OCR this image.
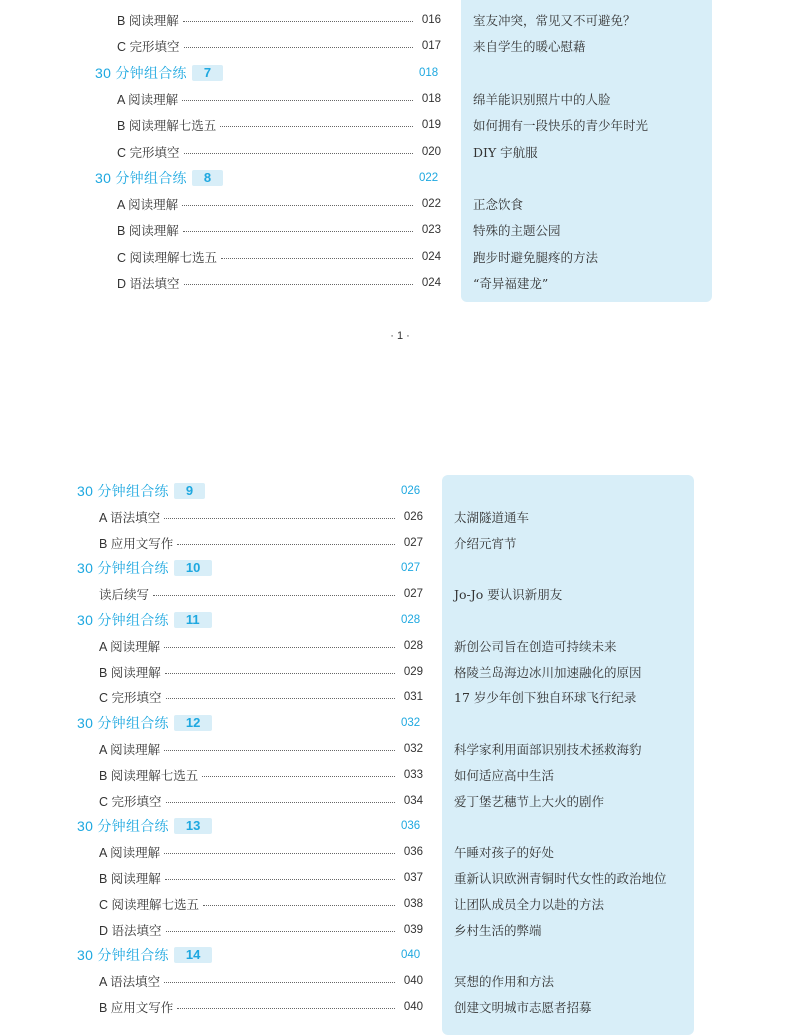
B 阅读理解	016	室友冲突，常见又不可避免？
C 完形填空	017	来自学生的暖心慰藉
30 分钟组合练	7	018
A 阅读理解	018	绵羊能识别照片中的人脸
B 阅读理解七选五	019	如何拥有一段快乐的青少年时光
C 完形填空	020	DIY 宇航服
30 分钟组合练	8	022
A 阅读理解	022	正念饮食
B 阅读理解	023	特殊的主题公园
C 阅读理解七选五	024	跑步时避免腿疼的方法
D 语法填空	024	“奇异福建龙”
· 1 ·
30 分钟组合练	9	026
A 语法填空	026 太湖隧道通车
B 应用文写作	027 介绍元宵节
30 分钟组合练	10	027
读后续写	027 Jo-Jo 要认识新朋友
30 分钟组合练	11	028
A 阅读理解	028 新创公司旨在创造可持续未来
B 阅读理解	029 格陵兰岛海边冰川加速融化的原因
C 完形填空	031 17 岁少年创下独自环球飞行纪录
30 分钟组合练	12	032
A 阅读理解	032 科学家利用面部识别技术拯救海豹
B 阅读理解七选五	033 如何适应高中生活
C 完形填空	034 爱丁堡艺穗节上大火的剧作
30 分钟组合练	13	036
A 阅读理解	036 午睡对孩子的好处
B 阅读理解	037 重新认识欧洲青铜时代女性的政治地位
C 阅读理解七选五	038 让团队成员全力以赴的方法
D 语法填空	039 乡村生活的弊端
30 分钟组合练	14	040
A 语法填空	040 冥想的作用和方法
B 应用文写作	040 创建文明城市志愿者招募
